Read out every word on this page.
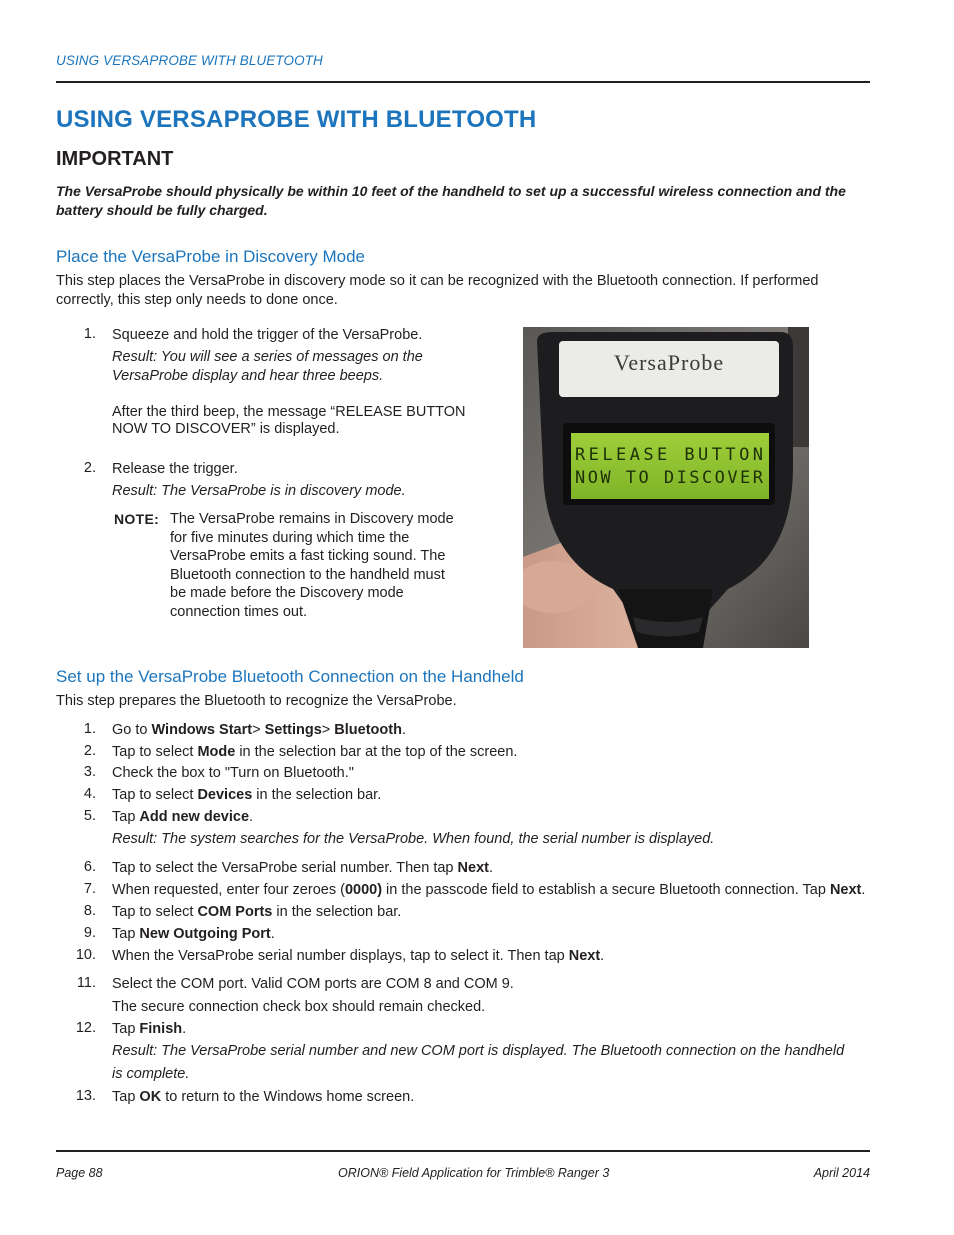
USING VERSAPROBE WITH BLUETOOTH
USING VERSAPROBE WITH BLUETOOTH
IMPORTANT

The VersaProbe should physically be within 10 feet of the handheld to set up a successful wireless connection and the battery should be fully charged.

Place the VersaProbe in Discovery Mode

This step places the VersaProbe in discovery mode so it can be recognized with the Bluetooth connection. If performed correctly, this step only needs to done once.

1. Squeeze and hold the trigger of the VersaProbe.
Result: You will see a series of messages on the
VersaProbe display and hear three beeps.
After the third beep, the message “RELEASE BUTTON
NOW TO DISCOVER” is displayed.
2. Release the trigger.
Result: The VersaProbe is in discovery mode.
NOTE: The VersaProbe remains in Discovery mode for five minutes during which time the VersaProbe emits a fast ticking sound. The Bluetooth connection to the handheld must be made before the Discovery mode connection times out.
VersaProbe
RELEASE BUTTON
NOW TO DISCOVER
Set up the VersaProbe Bluetooth Connection on the Handheld

This step prepares the Bluetooth to recognize the VersaProbe.

1. Go to Windows Start> Settings> Bluetooth.
2. Tap to select Mode in the selection bar at the top of the screen.
3. Check the box to "Turn on Bluetooth."
4. Tap to select Devices in the selection bar.
5. Tap Add new device.
Result: The system searches for the VersaProbe. When found, the serial number is displayed.
6. Tap to select the VersaProbe serial number. Then tap Next.
7. When requested, enter four zeroes (0000) in the passcode field to establish a secure Bluetooth connection. Tap Next.
8. Tap to select COM Ports in the selection bar.
9. Tap New Outgoing Port.
10. When the VersaProbe serial number displays, tap to select it. Then tap Next.
11. Select the COM port. Valid COM ports are COM 8 and COM 9.
The secure connection check box should remain checked.
12. Tap Finish.
Result: The VersaProbe serial number and new COM port is displayed. The Bluetooth connection on the handheld
is complete.
13. Tap OK to return to the Windows home screen.
Page 88	ORION® Field Application for Trimble® Ranger 3	April 2014
